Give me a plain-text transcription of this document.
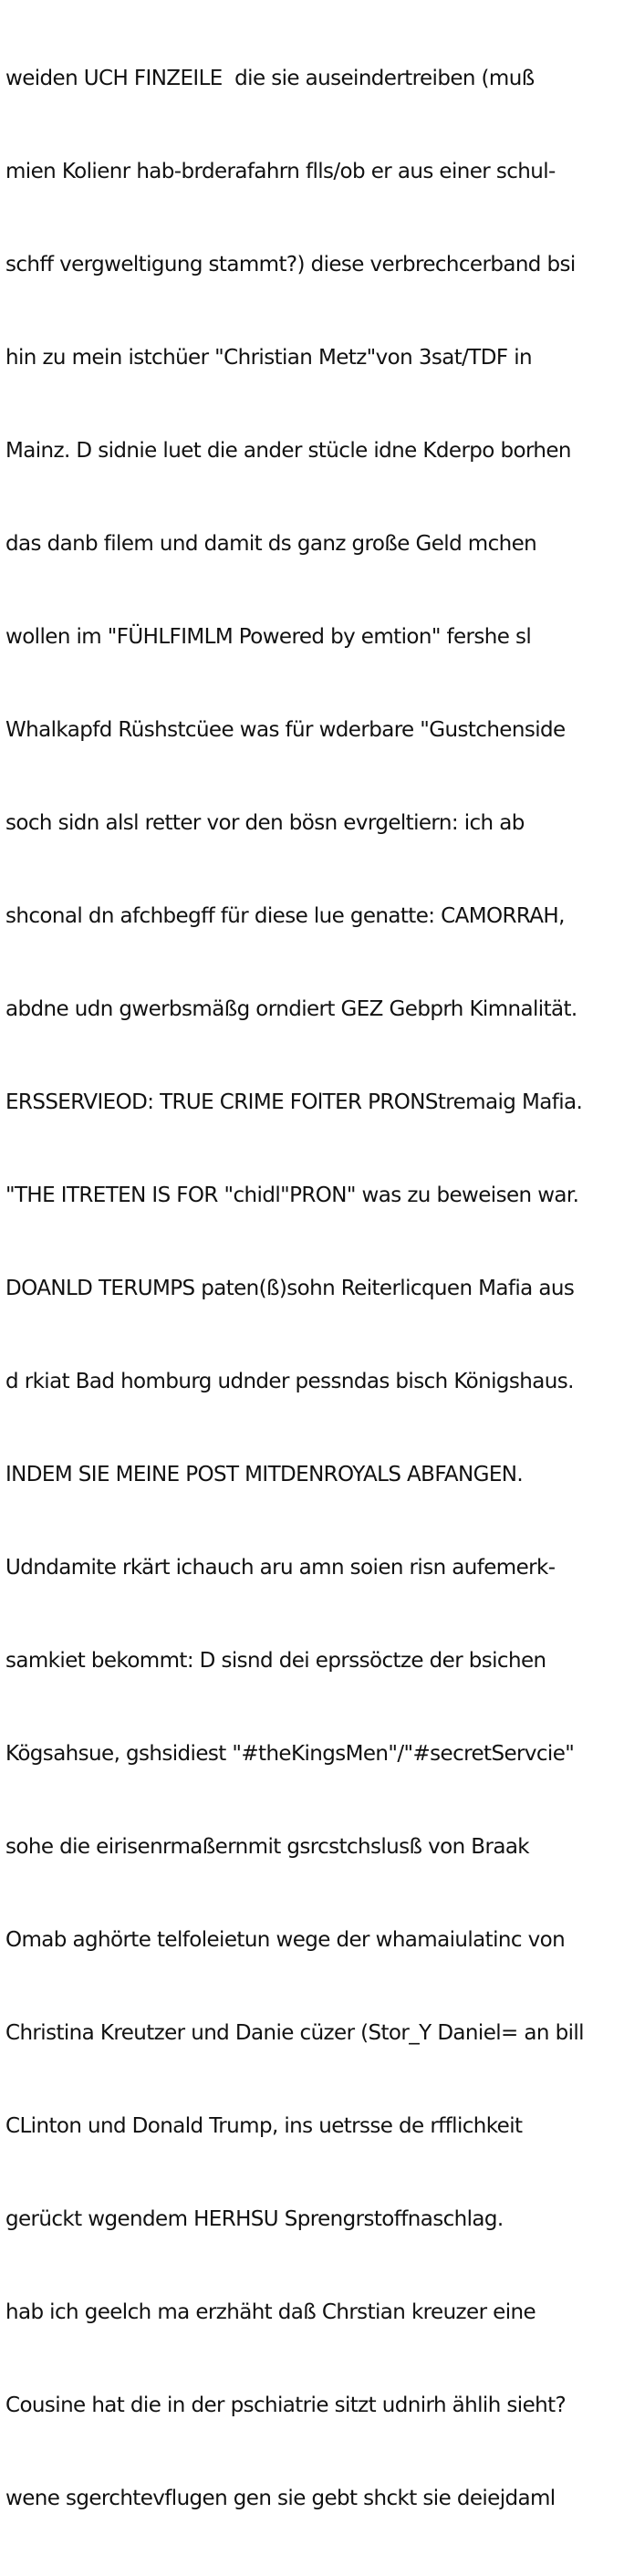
weiden UCH FINZEILE  die sie auseindertreiben (muß

mien Kolienr hab-brderafahrn flls/ob er aus einer schul-

schff vergweltigung stammt?) diese verbrechcerband bsi

hin zu mein istchüer "Christian Metz"von 3sat/TDF in

Mainz. D sidnie luet die ander stücle idne Kderpo borhen

das danb filem und damit ds ganz große Geld mchen

wollen im "FÜHLFIMLM Powered by emtion" fershe sl

Whalkapfd Rüshstcüee was für wderbare "Gustchenside

soch sidn alsl retter vor den bösn evrgeltiern: ich ab

shconal dn afchbegff für diese lue genatte: CAMORRAH,

abdne udn gwerbsmäßg orndiert GEZ Gebprh Kimnalität.

ERSSERVIEOD: TRUE CRIME FOlTER PRONStremaig Mafia.

"THE ITRETEN IS FOR "chidl"PRON" was zu beweisen war.

DOANLD TERUMPS paten(ß)sohn Reiterlicquen Mafia aus

d rkiat Bad homburg udnder pessndas bisch Königshaus.

INDEM SIE MEINE POST MITDENROYALS ABFANGEN.

Udndamite rkärt ichauch aru amn soien risn aufemerk-

samkiet bekommt: D sisnd dei eprssöctze der bsichen

Kögsahsue, gshsidiest "#theKingsMen"/"#secretServcie"

sohe die eirisenrmaßernmit gsrcstchslusß von Braak

Omab aghörte telfoleietun wege der whamaiulatinc von

Christina Kreutzer und Danie cüzer (Stor_Y Daniel= an bill

CLinton und Donald Trump, ins uetrsse de rfflichkeit

gerückt wgendem HERHSU Sprengrstoffnaschlag.

hab ich geelch ma erzhäht daß Chrstian kreuzer eine

Cousine hat die in der pschiatrie sitzt udnirh ählih sieht?

wene sgerchtevflugen gen sie gebt shckt sie deiejdaml
